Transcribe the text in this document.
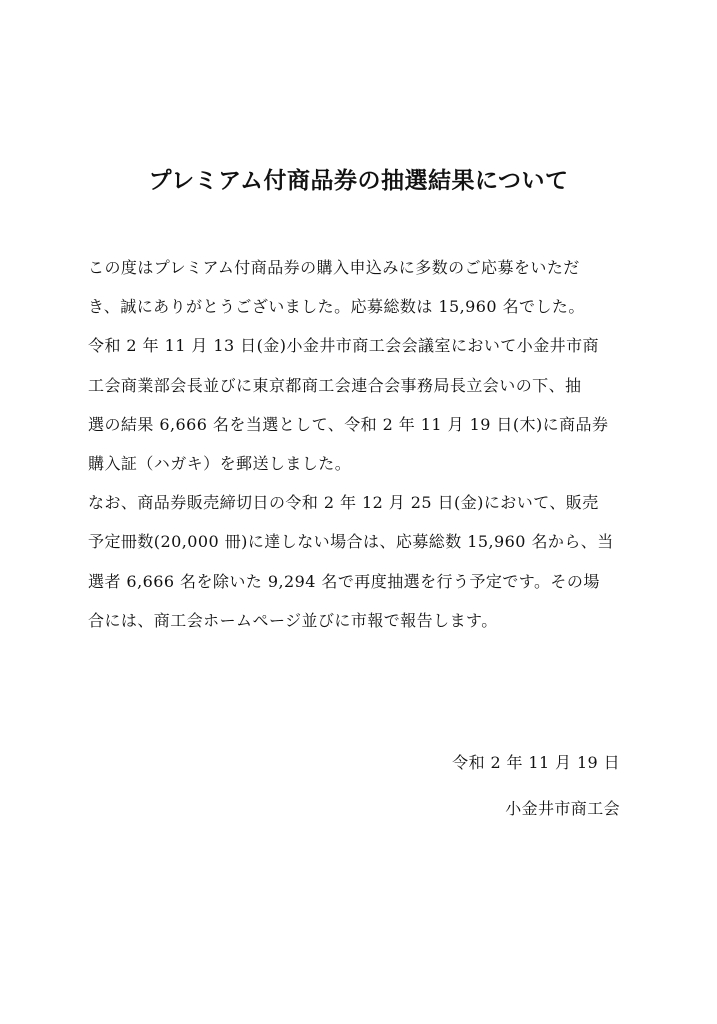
プレミアム付商品券の抽選結果について
この度はプレミアム付商品券の購入申込みに多数のご応募をいただ
き、誠にありがとうございました。応募総数は 15,960 名でした。
令和 2 年 11 月 13 日(金)小金井市商工会会議室において小金井市商
工会商業部会長並びに東京都商工会連合会事務局長立会いの下、抽
選の結果 6,666 名を当選として、令和 2 年 11 月 19 日(木)に商品券
購入証（ハガキ）を郵送しました。
なお、商品券販売締切日の令和 2 年 12 月 25 日(金)において、販売
予定冊数(20,000 冊)に達しない場合は、応募総数 15,960 名から、当
選者 6,666 名を除いた 9,294 名で再度抽選を行う予定です。その場
合には、商工会ホームページ並びに市報で報告します。
令和 2 年 11 月 19 日
小金井市商工会
